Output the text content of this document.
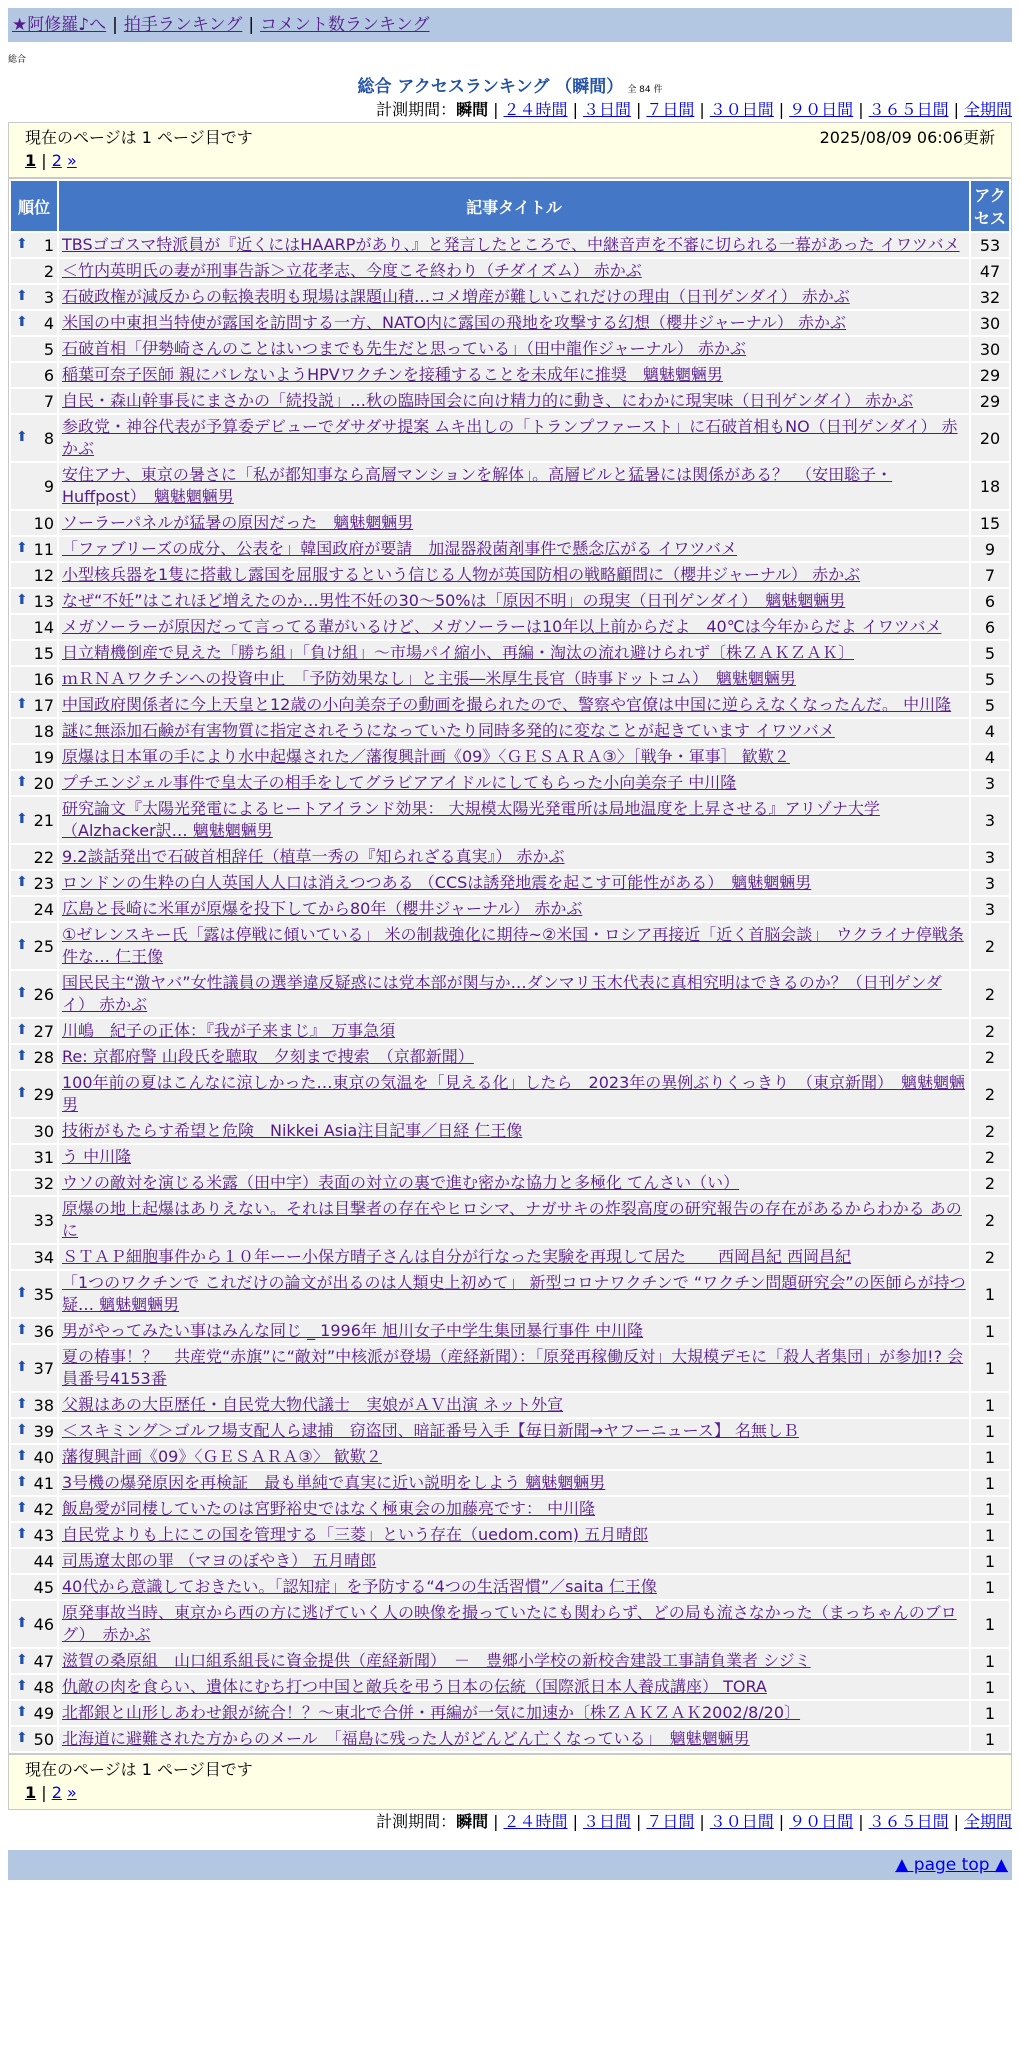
★阿修羅♪へ | 拍手ランキング | コメント数ランキング
総合
総合 アクセスランキング （瞬間） 全 84 件
計測期間：瞬間 | ２４時間 | ３日間 | ７日間 | ３０日間 | ９０日間 | ３６５日間 | 全期間
現在のページは 1 ページ目です	2025/08/09 06:06更新
1 | 2 »
順位	記事タイトル	アクセス

⬆ 1	TBSゴゴスマ特派員が『近くにはHAARPがあり、』と発言したところで、中継音声を不審に切られる一幕があった イワツバメ	53
2	＜竹内英明氏の妻が刑事告訴＞立花孝志、今度こそ終わり（チダイズム） 赤かぶ	47

⬆ 3	石破政権が減反からの転換表明も現場は課題山積…コメ増産が難しいこれだけの理由（日刊ゲンダイ） 赤かぶ	32

⬆ 4	米国の中東担当特使が露国を訪問する一方、NATO内に露国の飛地を攻撃する幻想（櫻井ジャーナル） 赤かぶ	30
5	石破首相「伊勢崎さんのことはいつまでも先生だと思っている」（田中龍作ジャーナル） 赤かぶ	30
6	稲葉可奈子医師 親にバレないようHPVワクチンを接種することを未成年に推奨　魑魅魍魎男	29
7	自民・森山幹事長にまさかの「続投説」…秋の臨時国会に向け精力的に動き、にわかに現実味（日刊ゲンダイ） 赤かぶ	29

⬆ 8	参政党・神谷代表が予算委デビューでダサダサ提案 ムキ出しの「トランプファースト」に石破首相もNO（日刊ゲンダイ） 赤かぶ	20
9	安住アナ、東京の暑さに「私が都知事なら高層マンションを解体」。高層ビルと猛暑には関係がある？　（安田聡子・Huffpost）　魑魅魍魎男	18
10	ソーラーパネルが猛暑の原因だった　魑魅魍魎男	15

⬆ 11	「ファブリーズの成分、公表を」韓国政府が要請　加湿器殺菌剤事件で懸念広がる イワツバメ	9
12	小型核兵器を1隻に搭載し露国を屈服するという信じる人物が英国防相の戦略顧問に（櫻井ジャーナル） 赤かぶ	7

⬆ 13	なぜ“不妊”はこれほど増えたのか…男性不妊の30～50%は「原因不明」の現実（日刊ゲンダイ）　魑魅魍魎男	6
14	メガソーラーが原因だって言ってる輩がいるけど、メガソーラーは10年以上前からだよ　40℃は今年からだよ イワツバメ	6
15	日立精機倒産で見えた「勝ち組」「負け組」～市場パイ縮小、再編・淘汰の流れ避けられず〔株ＺＡＫＺＡＫ〕	5
16	ｍＲＮＡワクチンへの投資中止　「予防効果なし」と主張―米厚生長官（時事ドットコム）　魑魅魍魎男	5

⬆ 17	中国政府関係者に今上天皇と12歳の小向美奈子の動画を撮られたので、警察や官僚は中国に逆らえなくなったんだ。 中川隆	5
18	謎に無添加石鹸が有害物質に指定されそうになっていたり同時多発的に変なことが起きています イワツバメ	4
19	原爆は日本軍の手により水中起爆された／藩復興計画《09》〈ＧＥＳＡＲＡ③〉［戦争・軍事］ 歓歎２	4

⬆ 20	プチエンジェル事件で皇太子の相手をしてグラビアアイドルにしてもらった小向美奈子 中川隆	3

⬆ 21	研究論文『太陽光発電によるヒートアイランド効果： 大規模太陽光発電所は局地温度を上昇させる』アリゾナ大学（Alzhacker訳… 魑魅魍魎男	3
22	9.2談話発出で石破首相辞任（植草一秀の『知られざる真実』） 赤かぶ	3

⬆ 23	ロンドンの生粋の白人英国人人口は消えつつある （CCSは誘発地震を起こす可能性がある）　魑魅魍魎男	3
24	広島と長崎に米軍が原爆を投下してから80年（櫻井ジャーナル） 赤かぶ	3

⬆ 25	①ゼレンスキー氏「露は停戦に傾いている」 米の制裁強化に期待~②米国・ロシア再接近「近く首脳会談」　ウクライナ停戦条件な… 仁王像	2

⬆ 26	国民民主“激ヤバ”女性議員の選挙違反疑惑には党本部が関与か…ダンマリ玉木代表に真相究明はできるのか？（日刊ゲンダイ） 赤かぶ	2

⬆ 27	川嶋　紀子の正体：『我が子来まじ』 万事急須	2

⬆ 28	Re: 京都府警 山段氏を聴取　夕刻まで捜索　（京都新聞）	2

⬆ 29	100年前の夏はこんなに涼しかった…東京の気温を「見える化」したら　2023年の異例ぶりくっきり　（東京新聞）　魑魅魍魎男	2
30	技術がもたらす希望と危険　Nikkei Asia注目記事／日経 仁王像	2
31	う 中川隆	2
32	ウソの敵対を演じる米露（田中宇）表面の対立の裏で進む密かな協力と多極化 てんさい（い）	2
33	原爆の地上起爆はありえない。それは目撃者の存在やヒロシマ、ナガサキの炸裂高度の研究報告の存在があるからわかる あのに	2
34	ＳＴＡＰ細胞事件から１０年ーー小保方晴子さんは自分が行なった実験を再現して居た　　西岡昌紀 西岡昌紀	2

⬆ 35	「1つのワクチンで これだけの論文が出るのは人類史上初めて」 新型コロナワクチンで “ワクチン問題研究会”の医師らが持つ疑… 魑魅魍魎男	1

⬆ 36	男がやってみたい事はみんな同じ _ 1996年 旭川女子中学生集団暴行事件 中川隆	1

⬆ 37	夏の椿事！？　共産党“赤旗”に“敵対”中核派が登場（産経新聞）：「原発再稼働反対」大規模デモに「殺人者集団」が参加!? 会員番号4153番	1

⬆ 38	父親はあの大臣歴任・自民党大物代議士　実娘がＡＶ出演 ネット外宣	1

⬆ 39	＜スキミング＞ゴルフ場支配人ら逮捕　窃盗団、暗証番号入手【毎日新聞→ヤフーニュース】 名無しＢ	1

⬆ 40	藩復興計画《09》〈ＧＥＳＡＲＡ③〉 歓歎２	1

⬆ 41	3号機の爆発原因を再検証　最も単純で真実に近い説明をしよう 魑魅魍魎男	1

⬆ 42	飯島愛が同棲していたのは宮野裕史ではなく極東会の加藤亮です： 中川隆	1

⬆ 43	自民党よりも上にこの国を管理する「三菱」という存在（uedom.com) 五月晴郎	1
44	司馬遼太郎の罪 （マヨのぼやき） 五月晴郎	1
45	40代から意識しておきたい。「認知症」を予防する“4つの生活習慣”／saita 仁王像	1

⬆ 46	原発事故当時、東京から西の方に逃げていく人の映像を撮っていたにも関わらず、どの局も流さなかった（まっちゃんのブログ）　赤かぶ	1

⬆ 47	滋賀の桑原組　山口組系組長に資金提供（産経新聞）　－　豊郷小学校の新校舎建設工事請負業者 シジミ	1

⬆ 48	仇敵の肉を食らい、遺体にむち打つ中国と敵兵を弔う日本の伝統（国際派日本人養成講座） TORA	1

⬆ 49	北都銀と山形しあわせ銀が統合！？～東北で合併・再編が一気に加速か〔株ＺＡＫＺＡＫ2002/8/20〕	1

⬆ 50	北海道に避難された方からのメール　「福島に残った人がどんどん亡くなっている」　魑魅魍魎男	1
現在のページは 1 ページ目です
1 | 2 »
計測期間：瞬間 | ２４時間 | ３日間 | ７日間 | ３０日間 | ９０日間 | ３６５日間 | 全期間
▲ page top ▲
